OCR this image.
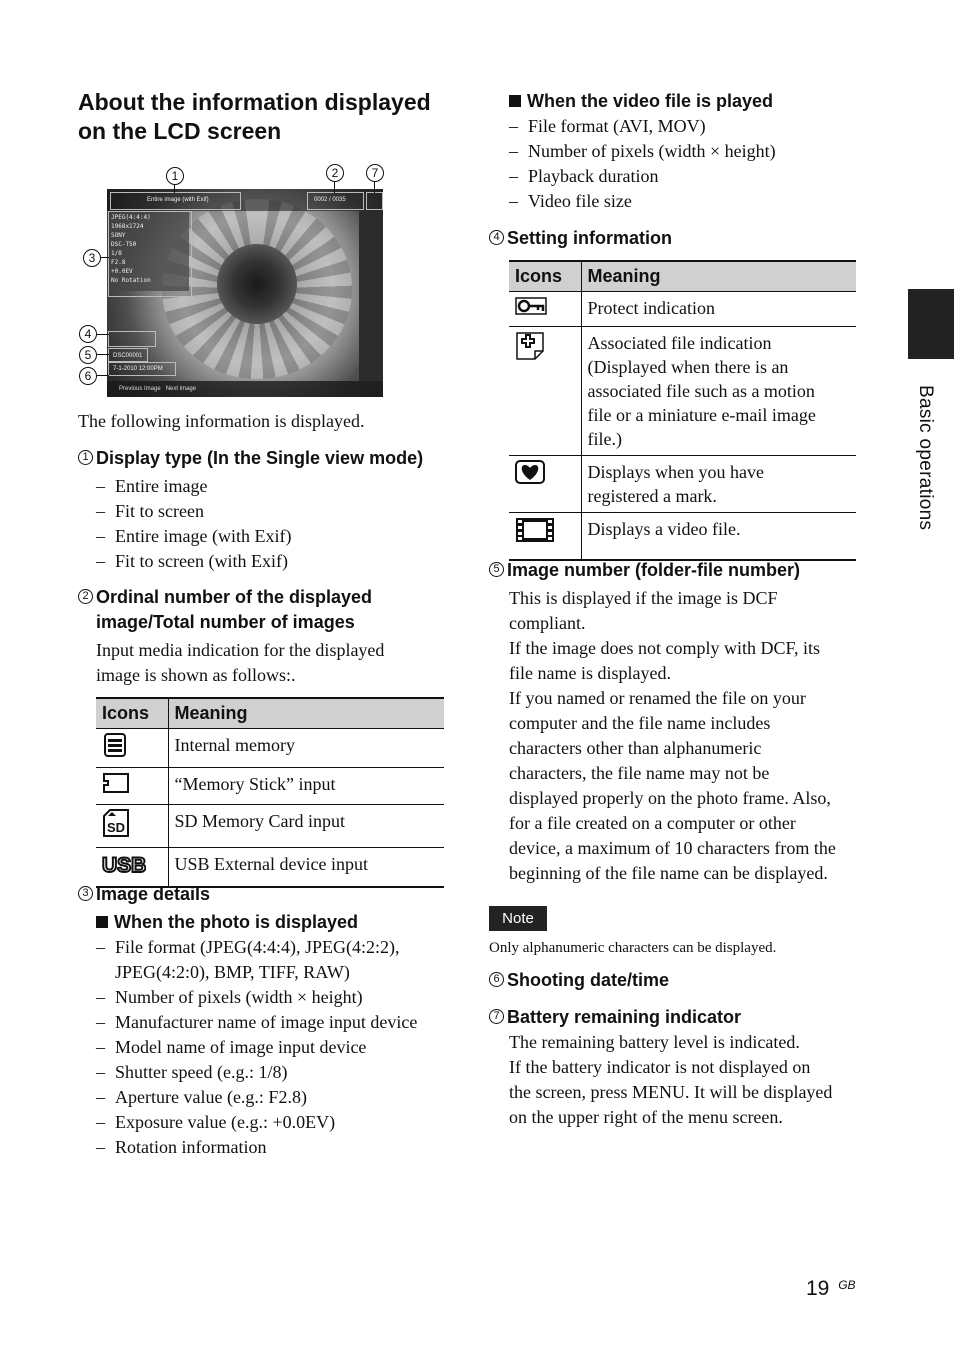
About the information displayed on the LCD screen
Entire image (with Exif)	0002 / 0035
JPEG(4:4:4)
1968x1724
SONY
DSC-T50
1/8
F2.8
+0.0EV
No Rotation
DSC00001
7-1-2010 12:00PM
Previous Image Next image
1	2	7
3
4
5
6
The following information is displayed.
1 Display type (In the Single view mode)
– Entire image
– Fit to screen
– Entire image (with Exif)
– Fit to screen (with Exif)
2 Ordinal number of the displayed
image/Total number of images
Input media indication for the displayed
image is shown as follows:.
Icons	Meaning
	Internal memory
	“Memory Stick” input

SD	SD Memory Card input

USB	USB External device input
3 Image details
When the photo is displayed
– File format (JPEG(4:4:4), JPEG(4:2:2),
JPEG(4:2:0), BMP, TIFF, RAW)
– Number of pixels (width × height)
– Manufacturer name of image input device
– Model name of image input device
– Shutter speed (e.g.: 1/8)
– Aperture value (e.g.: F2.8)
– Exposure value (e.g.: +0.0EV)
– Rotation information
When the video file is played
– File format (AVI, MOV)
– Number of pixels (width × height)
– Playback duration
– Video file size
4 Setting information
Icons	Meaning
	Protect indication

Associated file indication
(Displayed when there is an
associated file such as a motion
file or a miniature e-mail image
file.)

Displays when you have
registered a mark.

	Displays a video file.
5 Image number (folder-file number)
This is displayed if the image is DCF
compliant.
If the image does not comply with DCF, its
file name is displayed.
If you named or renamed the file on your
computer and the file name includes
characters other than alphanumeric
characters, the file name may not be
displayed properly on the photo frame. Also,
for a file created on a computer or other
device, a maximum of 10 characters from the
beginning of the file name can be displayed.
Note
Only alphanumeric characters can be displayed.
6 Shooting date/time
7 Battery remaining indicator
The remaining battery level is indicated.
If the battery indicator is not displayed on
the screen, press MENU. It will be displayed
on the upper right of the menu screen.
Basic operations
19 $^{GB}$
